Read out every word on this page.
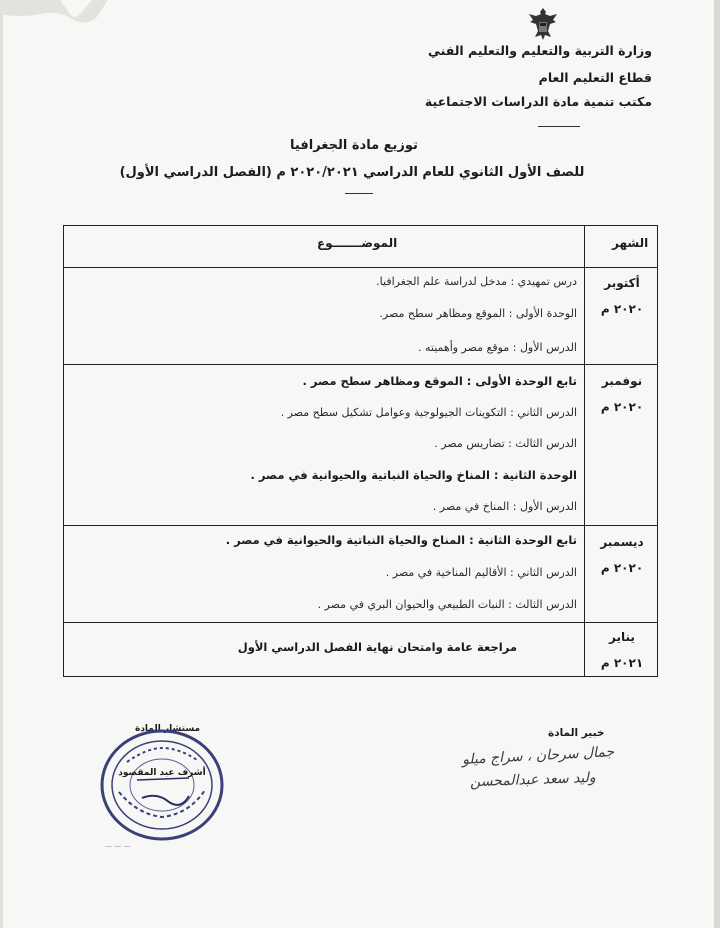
وزارة التربية والتعليم والتعليم الفني
قطاع التعليم العام
مكتب تنمية مادة الدراسات الاجتماعية
توزيع مادة الجغرافيا
للصف الأول الثانوي للعام الدراسي ٢٠٢٠/٢٠٢١ م (الفصل الدراسي الأول)
الشهر
الموضـــــــوع
أكتوبر
٢٠٢٠ م
درس تمهيدي : مدخل لدراسة علم الجغرافيا.
الوحدة الأولى : الموقع ومظاهر سطح مصر.
الدرس الأول : موقع مصر وأهميته .
نوفمبر
٢٠٢٠ م
تابع الوحدة الأولى : الموقع ومظاهر سطح مصر .
الدرس الثاني : التكوينات الجيولوجية وعوامل تشكيل سطح مصر .
الدرس الثالث : تضاريس مصر .
الوحدة الثانية : المناخ والحياة النباتية والحيوانية في مصر .
الدرس الأول : المناخ في مصر .
ديسمبر
٢٠٢٠ م
تابع الوحدة الثانية : المناخ والحياة النباتية والحيوانية في مصر .
الدرس الثاني : الأقاليم المناخية في مصر .
الدرس الثالث : النبات الطبيعي والحيوان البري في مصر .
يناير
٢٠٢١ م
مراجعة عامة وامتحان نهاية الفصل الدراسي الأول
خبير المادة
جمال سرحان ، سراج ميلو
وليد سعد عبدالمحسن
مستشار المادة
أشرف عبد المقصود
— — —
